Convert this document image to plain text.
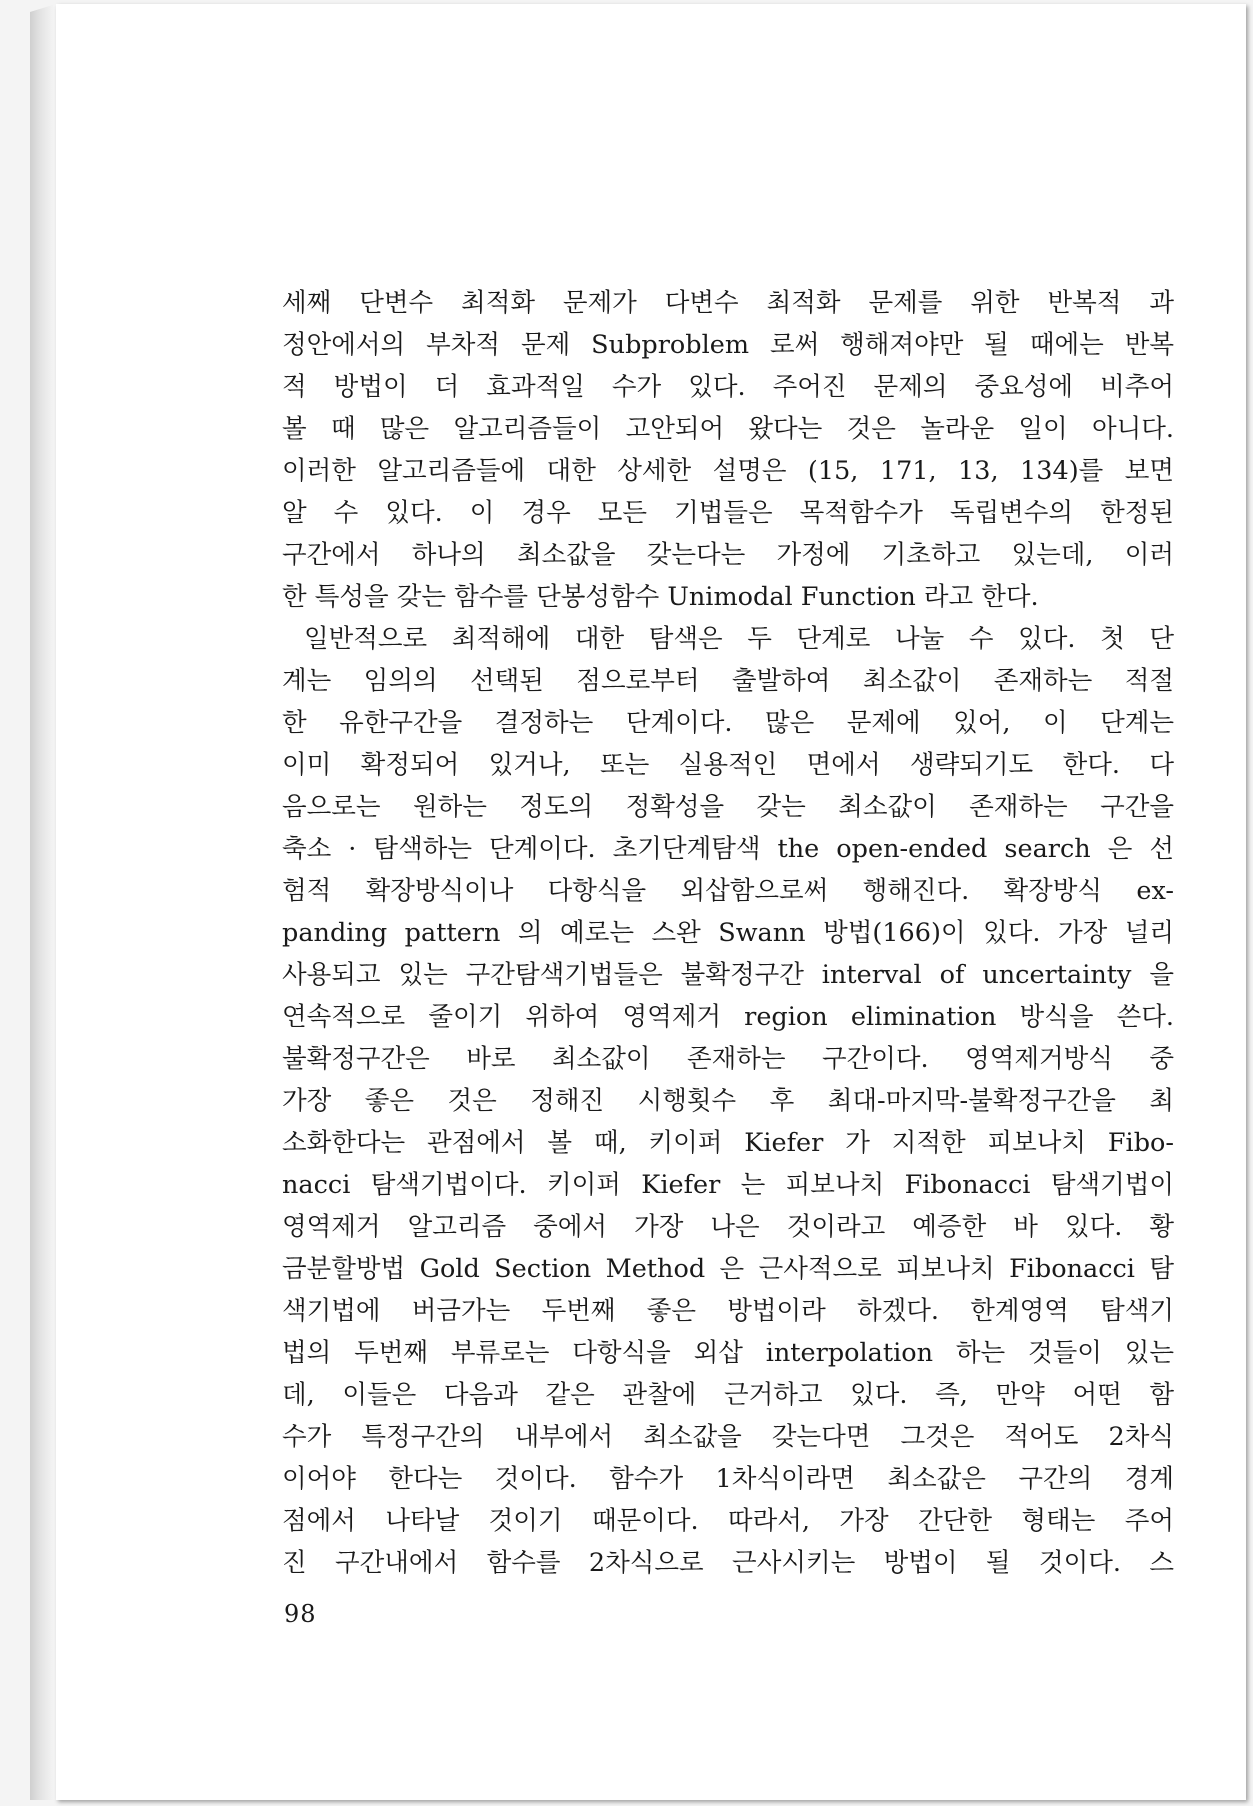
세째 단변수 최적화 문제가 다변수 최적화 문제를 위한 반복적 과
정안에서의 부차적 문제 Subproblem 로써 행해져야만 될 때에는 반복
적 방법이 더 효과적일 수가 있다. 주어진 문제의 중요성에 비추어
볼 때 많은 알고리즘들이 고안되어 왔다는 것은 놀라운 일이 아니다.
이러한 알고리즘들에 대한 상세한 설명은 (15, 171, 13, 134)를 보면
알 수 있다. 이 경우 모든 기법들은 목적함수가 독립변수의 한정된
구간에서 하나의 최소값을 갖는다는 가정에 기초하고 있는데, 이러
한 특성을 갖는 함수를 단봉성함수 Unimodal Function 라고 한다.
일반적으로 최적해에 대한 탐색은 두 단계로 나눌 수 있다. 첫 단
계는 임의의 선택된 점으로부터 출발하여 최소값이 존재하는 적절
한 유한구간을 결정하는 단계이다. 많은 문제에 있어, 이 단계는
이미 확정되어 있거나, 또는 실용적인 면에서 생략되기도 한다. 다
음으로는 원하는 정도의 정확성을 갖는 최소값이 존재하는 구간을
축소 · 탐색하는 단계이다. 초기단계탐색 the open-ended search 은 선
험적 확장방식이나 다항식을 외삽함으로써 행해진다. 확장방식 ex-
panding pattern 의 예로는 스완 Swann 방법(166)이 있다. 가장 널리
사용되고 있는 구간탐색기법들은 불확정구간 interval of uncertainty 을
연속적으로 줄이기 위하여 영역제거 region elimination 방식을 쓴다.
불확정구간은 바로 최소값이 존재하는 구간이다. 영역제거방식 중
가장 좋은 것은 정해진 시행횟수 후 최대-마지막-불확정구간을 최
소화한다는 관점에서 볼 때, 키이퍼 Kiefer 가 지적한 피보나치 Fibo-
nacci 탐색기법이다. 키이퍼 Kiefer 는 피보나치 Fibonacci 탐색기법이
영역제거 알고리즘 중에서 가장 나은 것이라고 예증한 바 있다. 황
금분할방법 Gold Section Method 은 근사적으로 피보나치 Fibonacci 탐
색기법에 버금가는 두번째 좋은 방법이라 하겠다. 한계영역 탐색기
법의 두번째 부류로는 다항식을 외삽 interpolation 하는 것들이 있는
데, 이들은 다음과 같은 관찰에 근거하고 있다. 즉, 만약 어떤 함
수가 특정구간의 내부에서 최소값을 갖는다면 그것은 적어도 2차식
이어야 한다는 것이다. 함수가 1차식이라면 최소값은 구간의 경계
점에서 나타날 것이기 때문이다. 따라서, 가장 간단한 형태는 주어
진 구간내에서 함수를 2차식으로 근사시키는 방법이 될 것이다. 스
98
